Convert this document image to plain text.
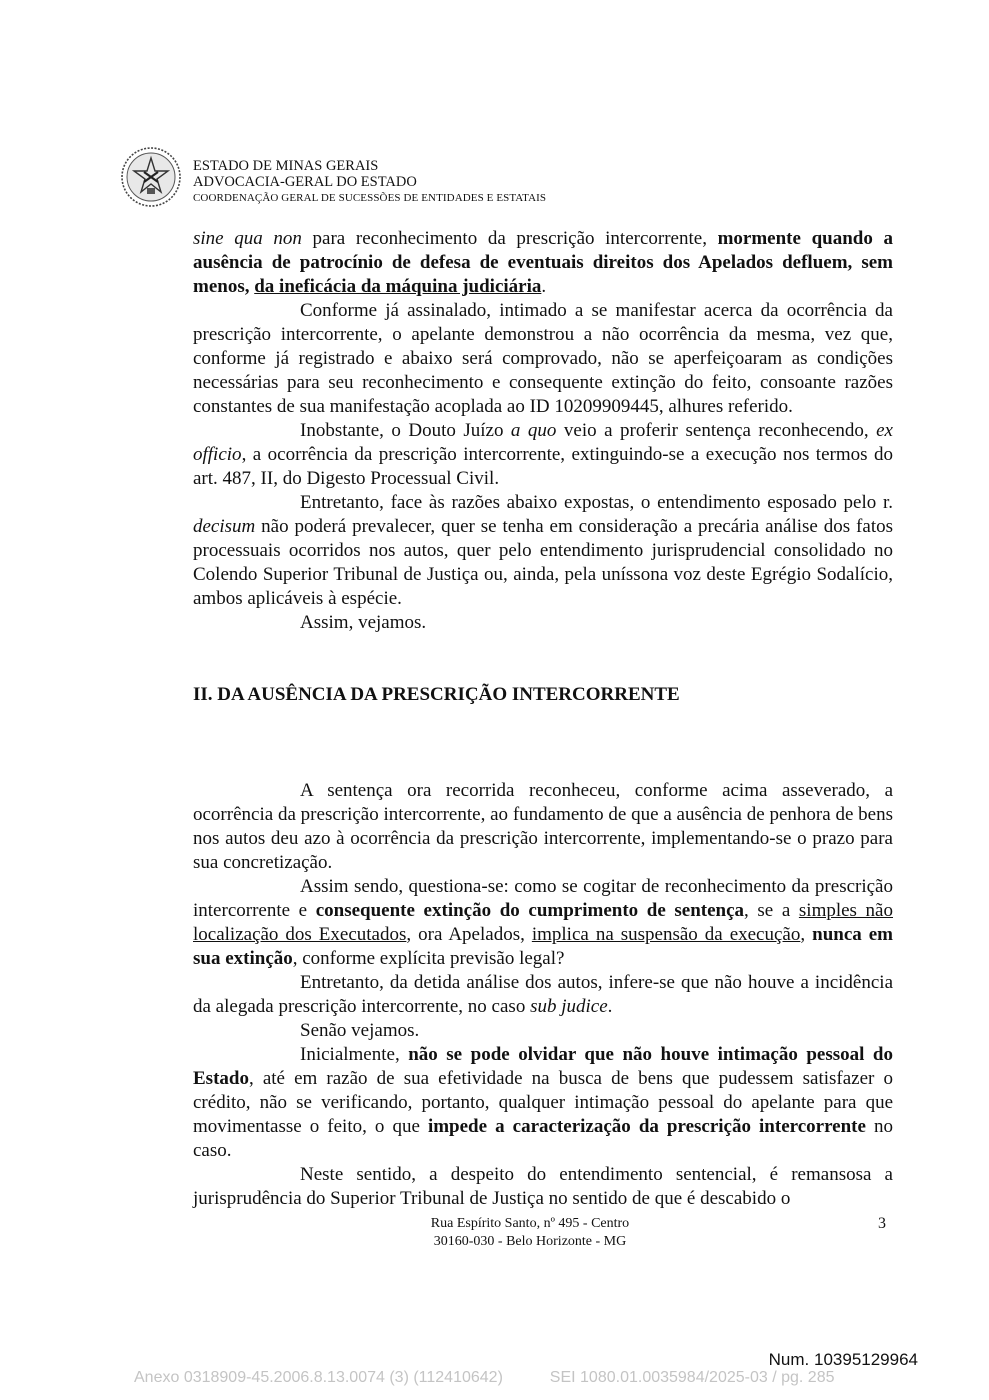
ESTADO DE MINAS GERAIS
ADVOCACIA-GERAL DO ESTADO
COORDENAÇÃO GERAL DE SUCESSÕES DE ENTIDADES E ESTATAIS

sine qua non para reconhecimento da prescrição intercorrente, mormente quando a ausência de patrocínio de defesa de eventuais direitos dos Apelados defluem, sem menos, da ineficácia da máquina judiciária.

Conforme já assinalado, intimado a se manifestar acerca da ocorrência da prescrição intercorrente, o apelante demonstrou a não ocorrência da mesma, vez que, conforme já registrado e abaixo será comprovado, não se aperfeiçoaram as condições necessárias para seu reconhecimento e consequente extinção do feito, consoante razões constantes de sua manifestação acoplada ao ID 10209909445, alhures referido.

Inobstante, o Douto Juízo a quo veio a proferir sentença reconhecendo, ex officio, a ocorrência da prescrição intercorrente, extinguindo-se a execução nos termos do art. 487, II, do Digesto Processual Civil.

Entretanto, face às razões abaixo expostas, o entendimento esposado pelo r. decisum não poderá prevalecer, quer se tenha em consideração a precária análise dos fatos processuais ocorridos nos autos, quer pelo entendimento jurisprudencial consolidado no Colendo Superior Tribunal de Justiça ou, ainda, pela uníssona voz deste Egrégio Sodalício, ambos aplicáveis à espécie.

Assim, vejamos.

II. DA AUSÊNCIA DA PRESCRIÇÃO INTERCORRENTE

A sentença ora recorrida reconheceu, conforme acima asseverado, a ocorrência da prescrição intercorrente, ao fundamento de que a ausência de penhora de bens nos autos deu azo à ocorrência da prescrição intercorrente, implementando-se o prazo para sua concretização.

Assim sendo, questiona-se: como se cogitar de reconhecimento da prescrição intercorrente e consequente extinção do cumprimento de sentença, se a simples não localização dos Executados, ora Apelados, implica na suspensão da execução, nunca em sua extinção, conforme explícita previsão legal?

Entretanto, da detida análise dos autos, infere-se que não houve a incidência da alegada prescrição intercorrente, no caso sub judice.

Senão vejamos.

Inicialmente, não se pode olvidar que não houve intimação pessoal do Estado, até em razão de sua efetividade na busca de bens que pudessem satisfazer o crédito, não se verificando, portanto, qualquer intimação pessoal do apelante para que movimentasse o feito, o que impede a caracterização da prescrição intercorrente no caso.

Neste sentido, a despeito do entendimento sentencial, é remansosa a jurisprudência do Superior Tribunal de Justiça no sentido de que é descabido o

Rua Espírito Santo, nº 495 - Centro
30160-030 - Belo Horizonte - MG
3
Num. 10395129964
Anexo 0318909-45.2006.8.13.0074 (3) (112410642)	SEI 1080.01.0035984/2025-03 / pg. 285
